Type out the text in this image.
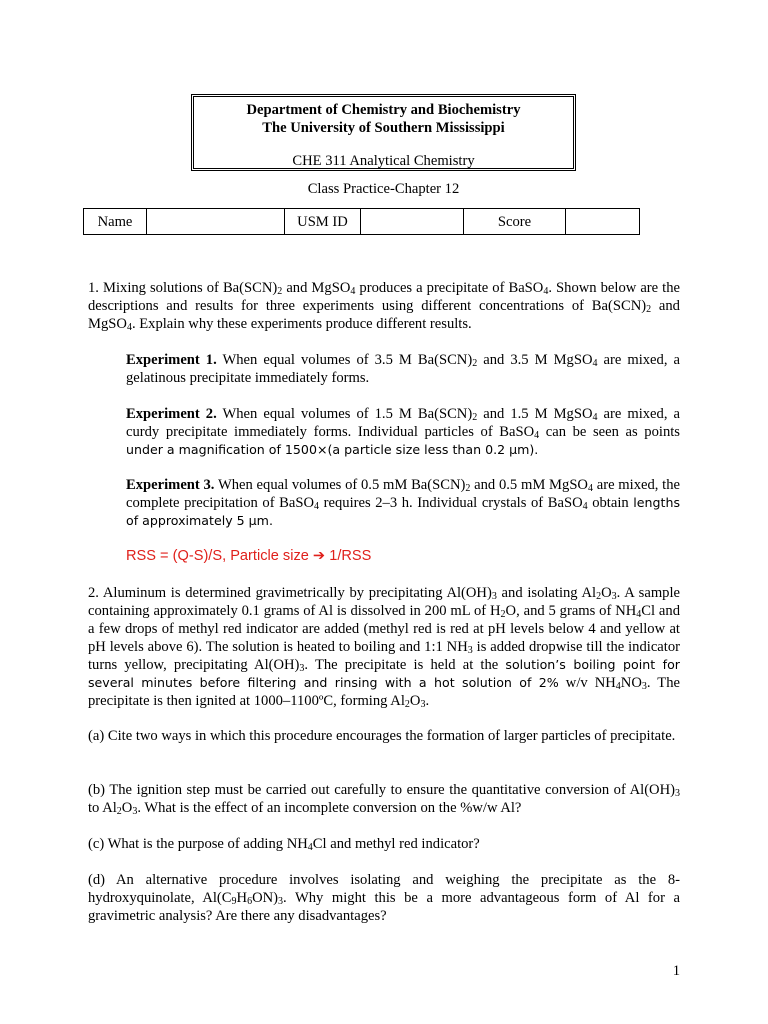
Department of Chemistry and Biochemistry
The University of Southern Mississippi
CHE 311 Analytical Chemistry
Class Practice-Chapter 12
Name		USM ID		Score	
1. Mixing solutions of $Ba(SCN)_2$ and MgSO$_4$ produces a precipitate of BaSO$_4$. Shown below are the descriptions and results for three experiments using different concentrations of $Ba(SCN)_2$ and MgSO$_4$. Explain why these experiments produce different results.
Experiment 1. When equal volumes of 3.5 M $Ba(SCN)_2$ and 3.5 M MgSO$_4$ are mixed, a gelatinous precipitate immediately forms.
Experiment 2. When equal volumes of 1.5 M $Ba(SCN)_2$ and 1.5 M MgSO$_4$ are mixed, a curdy precipitate immediately forms. Individual particles of BaSO$_4$ can be seen as points under a magnification of 1500×(a particle size less than 0.2 µm).
Experiment 3. When equal volumes of 0.5 mM $Ba(SCN)_2$ and 0.5 mM MgSO$_4$ are mixed, the complete precipitation of BaSO$_4$ requires 2–3 h. Individual crystals of BaSO$_4$ obtain lengths of approximately 5 µm.
RSS = (Q-S)/S, Particle size ➔ 1/RSS
2. Aluminum is determined gravimetrically by precipitating $Al(OH)_3$ and isolating $Al_2O_3$. A sample containing approximately 0.1 grams of Al is dissolved in 200 mL of $H_2O$, and 5 grams of $NH_4Cl$ and a few drops of methyl red indicator are added (methyl red is red at pH levels below 4 and yellow at pH levels above 6). The solution is heated to boiling and 1:1 $NH_3$ is added dropwise till the indicator turns yellow, precipitating $Al(OH)_3$. The precipitate is held at the solution’s boiling point for several minutes before filtering and rinsing with a hot solution of 2% w/v $NH_4NO_3$. The precipitate is then ignited at 1000–1100ºC, forming $Al_2O_3$.
(a) Cite two ways in which this procedure encourages the formation of larger particles of precipitate.
(b) The ignition step must be carried out carefully to ensure the quantitative conversion of $Al(OH)_3$ to $Al_2O_3$. What is the effect of an incomplete conversion on the %w/w Al?
(c) What is the purpose of adding $NH_4Cl$ and methyl red indicator?
(d) An alternative procedure involves isolating and weighing the precipitate as the 8-hydroxyquinolate, $Al(C_9H_6ON)_3$. Why might this be a more advantageous form of Al for a gravimetric analysis? Are there any disadvantages?
1
